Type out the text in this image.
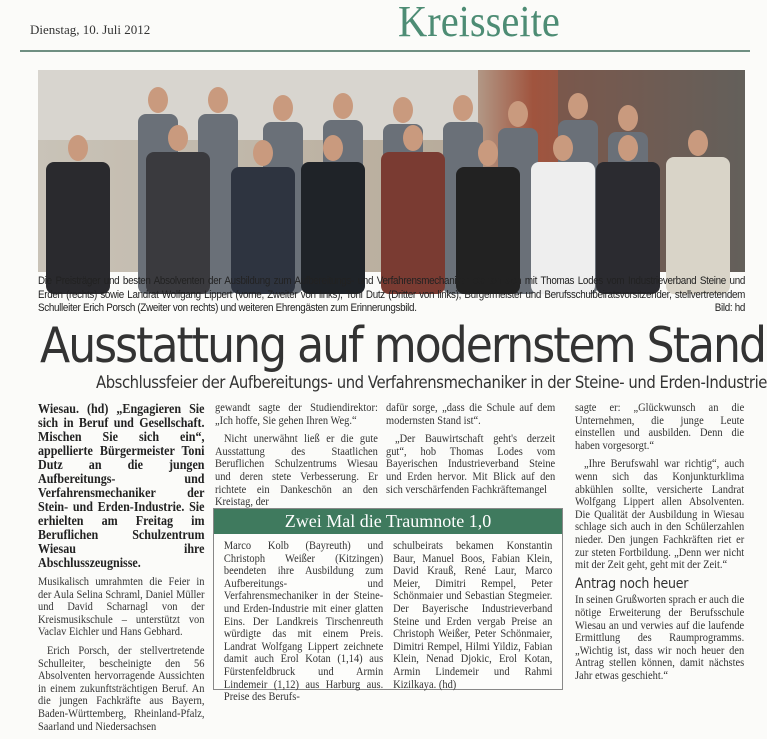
Dienstag, 10. Juli 2012	Kreisseite
Die Preisträger und besten Absolventen der Ausbildung zum Aufbereitungs- und Verfahrensmechaniker stellten sich mit Thomas Lodes vom Industrieverband Steine und Erden (rechts) sowie Landrat Wolfgang Lippert (vorne, Zweiter von links), Toni Dutz (Dritter von links), Bürgermeister und Berufsschulbeiratsvorsitzender, stellvertretendem Schulleiter Erich Porsch (Zweiter von rechts) und weiteren Ehrengästen zum Erinnerungsbild.	Bild: hd
Ausstattung auf modernstem Stand
Abschlussfeier der Aufbereitungs- und Verfahrensmechaniker in der Steine- und Erden-Industrie

Wiesau. (hd) „Engagieren Sie sich in Beruf und Gesellschaft. Mischen Sie sich ein“, appellierte Bürgermeister Toni Dutz an die jungen Aufbereitungs- und Verfahrensmechaniker der Stein- und Erden-Industrie. Sie erhielten am Freitag im Beruflichen Schulzentrum Wiesau ihre Abschlusszeugnisse.

Musikalisch umrahmten die Feier in der Aula Selina Schraml, Daniel Müller und David Scharnagl von der Kreismusikschule – unterstützt von Vaclav Eichler und Hans Gebhard.

Erich Porsch, der stellvertretende Schulleiter, bescheinigte den 56 Absolventen hervorragende Aussichten in einem zukunftsträchtigen Beruf. An die jungen Fachkräfte aus Bayern, Baden-Württemberg, Rheinland-Pfalz, Saarland und Niedersachsen

gewandt sagte der Studiendirektor: „Ich hoffe, Sie gehen Ihren Weg.“

Nicht unerwähnt ließ er die gute Ausstattung des Staatlichen Beruflichen Schulzentrums Wiesau und deren stete Verbesserung. Er richtete ein Dankeschön an den Kreistag, der

dafür sorge, „dass die Schule auf dem modernsten Stand ist“.

„Der Bauwirtschaft geht's derzeit gut“, hob Thomas Lodes vom Bayerischen Industrieverband Steine und Erden hervor. Mit Blick auf den sich verschärfenden Fachkräftemangel

sagte er: „Glückwunsch an die Unternehmen, die junge Leute einstellen und ausbilden. Denn die haben vorgesorgt.“

„Ihre Berufswahl war richtig“, auch wenn sich das Konjunkturklima abkühlen sollte, versicherte Landrat Wolfgang Lippert allen Absolventen. Die Qualität der Ausbildung in Wiesau schlage sich auch in den Schülerzahlen nieder. Den jungen Fachkräften riet er zur steten Fortbildung. „Denn wer nicht mit der Zeit geht, geht mit der Zeit.“

Antrag noch heuer

In seinen Grußworten sprach er auch die nötige Erweiterung der Berufsschule Wiesau an und verwies auf die laufende Ermittlung des Raumprogramms. „Wichtig ist, dass wir noch heuer den Antrag stellen können, damit nächstes Jahr etwas geschieht.“

Zwei Mal die Traumnote 1,0
Marco Kolb (Bayreuth) und Christoph Weißer (Kitzingen) beendeten ihre Ausbildung zum Aufbereitungs- und Verfahrensmechaniker in der Steine- und Erden-Industrie mit einer glatten Eins. Der Landkreis Tirschenreuth würdigte das mit einem Preis. Landrat Wolfgang Lippert zeichnete damit auch Erol Kotan (1,14) aus Fürstenfeldbruck und Armin Lindemeir (1,12) aus Harburg aus. Preise des Berufs-
schulbeirats bekamen Konstantin Baur, Manuel Boos, Fabian Klein, David Krauß, René Laur, Marco Meier, Dimitri Rempel, Peter Schönmaier und Sebastian Stegmeier. Der Bayerische Industrieverband Steine und Erden vergab Preise an Christoph Weißer, Peter Schönmaier, Dimitri Rempel, Hilmi Yildiz, Fabian Klein, Nenad Djokic, Erol Kotan, Armin Lindemeir und Rahmi Kizilkaya. (hd)
